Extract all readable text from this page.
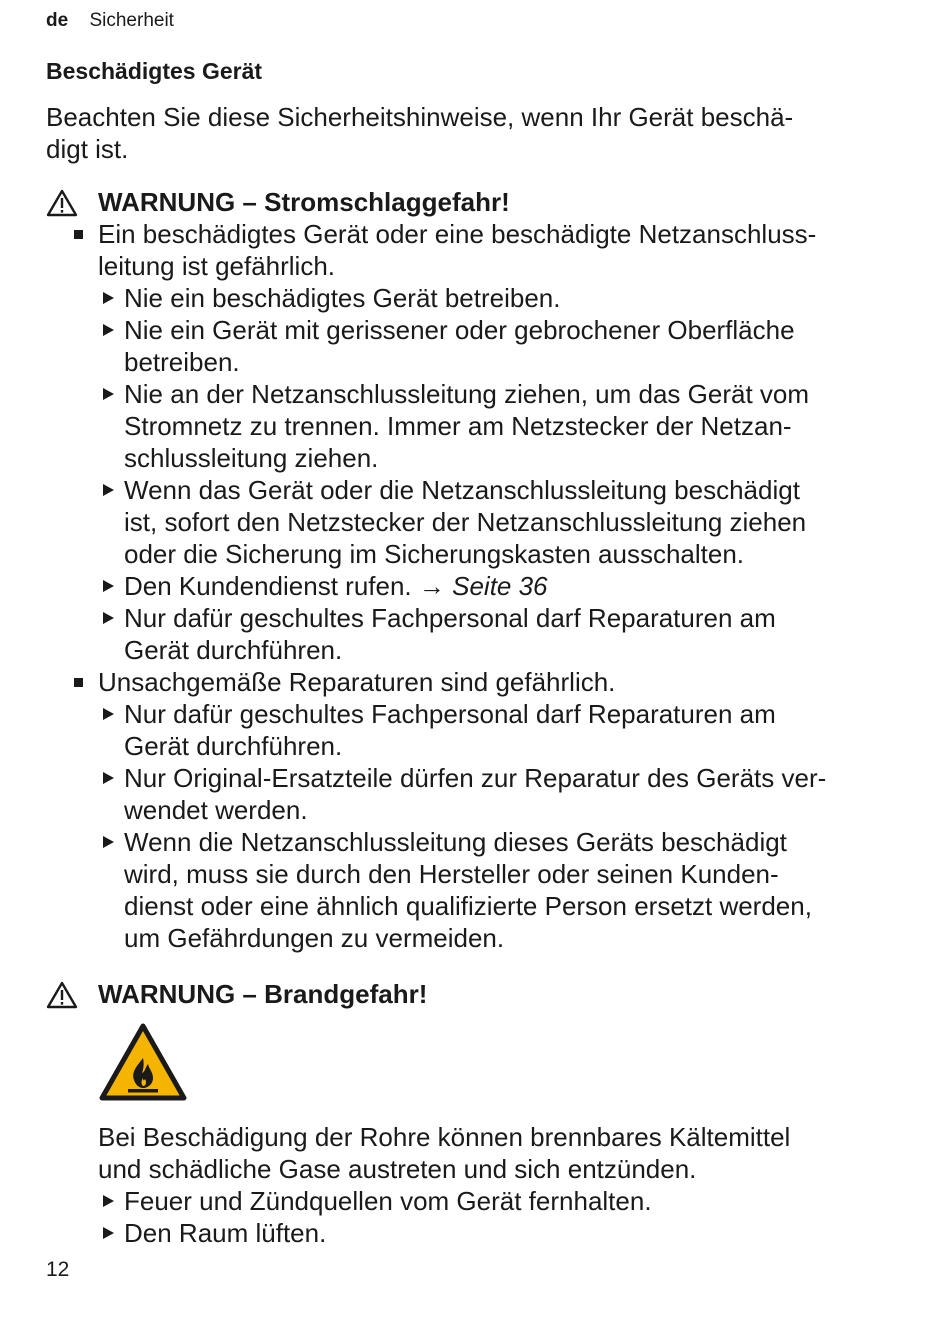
de Sicherheit
Beschädigtes Gerät
Beachten Sie diese Sicherheitshinweise, wenn Ihr Gerät beschä-
digt ist.
WARNUNG – Stromschlaggefahr!
Ein beschädigtes Gerät oder eine beschädigte Netzanschluss-
leitung ist gefährlich.
Nie ein beschädigtes Gerät betreiben.
Nie ein Gerät mit gerissener oder gebrochener Oberfläche
betreiben.
Nie an der Netzanschlussleitung ziehen, um das Gerät vom
Stromnetz zu trennen. Immer am Netzstecker der Netzan-
schlussleitung ziehen.
Wenn das Gerät oder die Netzanschlussleitung beschädigt
ist, sofort den Netzstecker der Netzanschlussleitung ziehen
oder die Sicherung im Sicherungskasten ausschalten.
Den Kundendienst rufen. → Seite 36
Nur dafür geschultes Fachpersonal darf Reparaturen am
Gerät durchführen.
Unsachgemäße Reparaturen sind gefährlich.
Nur dafür geschultes Fachpersonal darf Reparaturen am
Gerät durchführen.
Nur Original-Ersatzteile dürfen zur Reparatur des Geräts ver-
wendet werden.
Wenn die Netzanschlussleitung dieses Geräts beschädigt
wird, muss sie durch den Hersteller oder seinen Kunden-
dienst oder eine ähnlich qualifizierte Person ersetzt werden,
um Gefährdungen zu vermeiden.
WARNUNG – Brandgefahr!
Bei Beschädigung der Rohre können brennbares Kältemittel
und schädliche Gase austreten und sich entzünden.
Feuer und Zündquellen vom Gerät fernhalten.
Den Raum lüften.
12
